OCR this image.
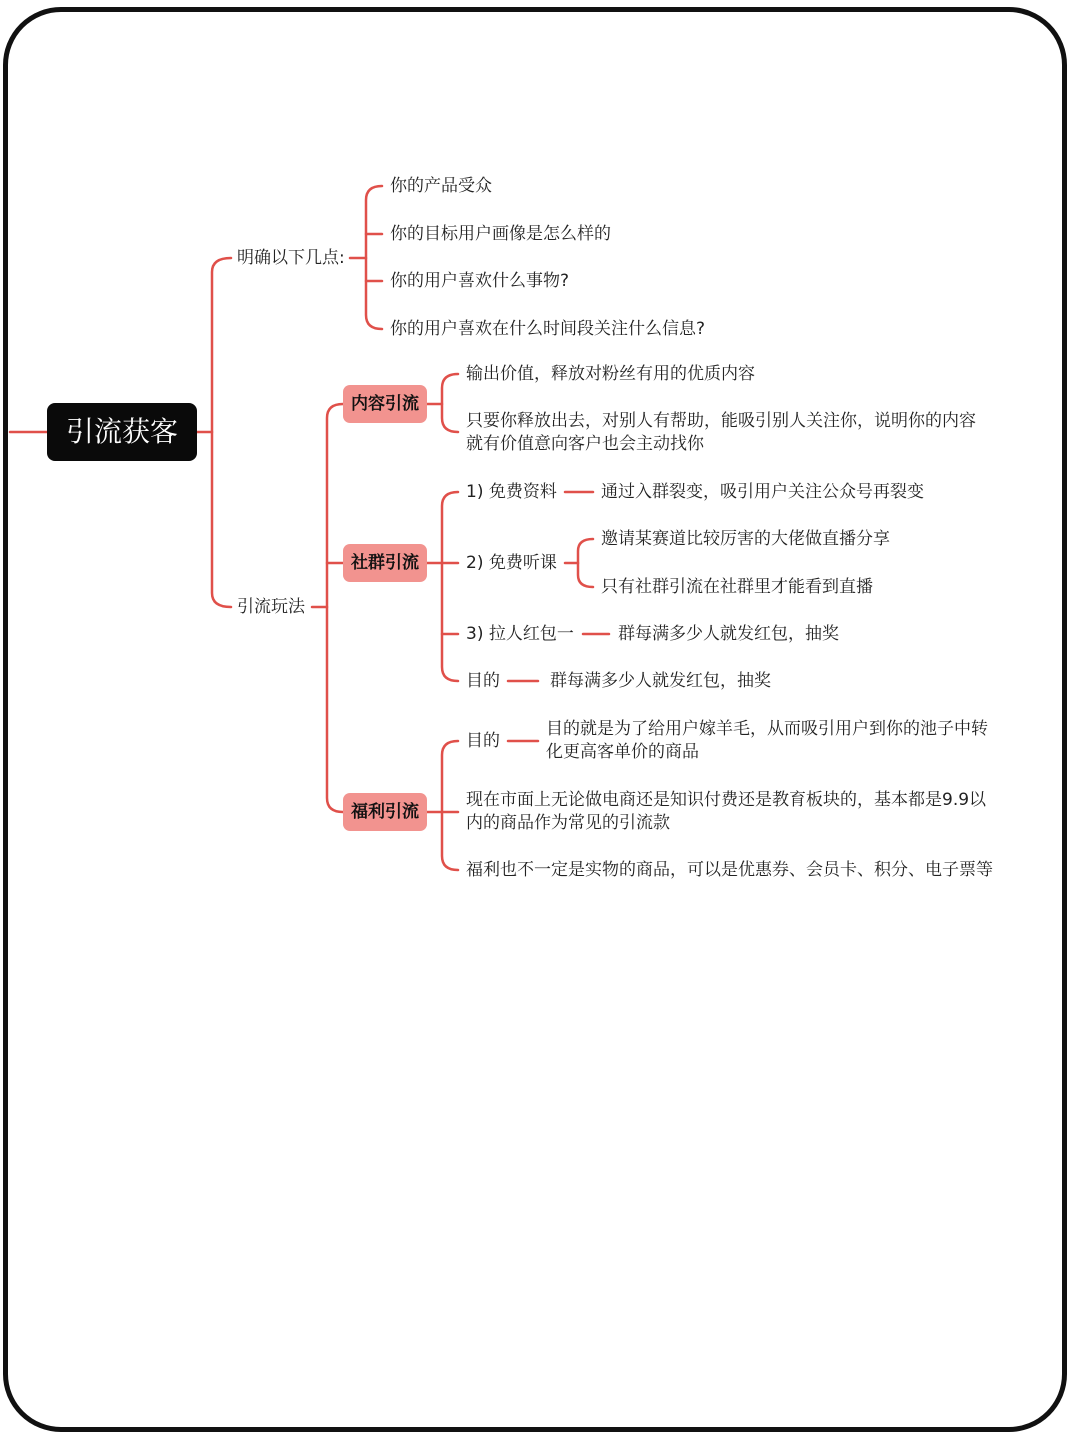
引流获客
明确以下几点:
你的产品受众
你的目标用户画像是怎么样的
你的用户喜欢什么事物?
你的用户喜欢在什么时间段关注什么信息?
引流玩法
内容引流
输出价值，释放对粉丝有用的优质内容
只要你释放出去，对别人有帮助，能吸引别人关注你，说明你的内容就有价值意向客户也会主动找你
社群引流
1) 免费资料	通过入群裂变，吸引用户关注公众号再裂变
2) 免费听课
邀请某赛道比较厉害的大佬做直播分享
只有社群引流在社群里才能看到直播
3) 拉人红包一	群每满多少人就发红包，抽奖
目的	群每满多少人就发红包，抽奖
福利引流
目的
目的就是为了给用户嫁羊毛，从而吸引用户到你的池子中转化更高客单价的商品
现在市面上无论做电商还是知识付费还是教育板块的，基本都是9.9以内的商品作为常见的引流款
福利也不一定是实物的商品，可以是优惠券、会员卡、积分、电子票等
